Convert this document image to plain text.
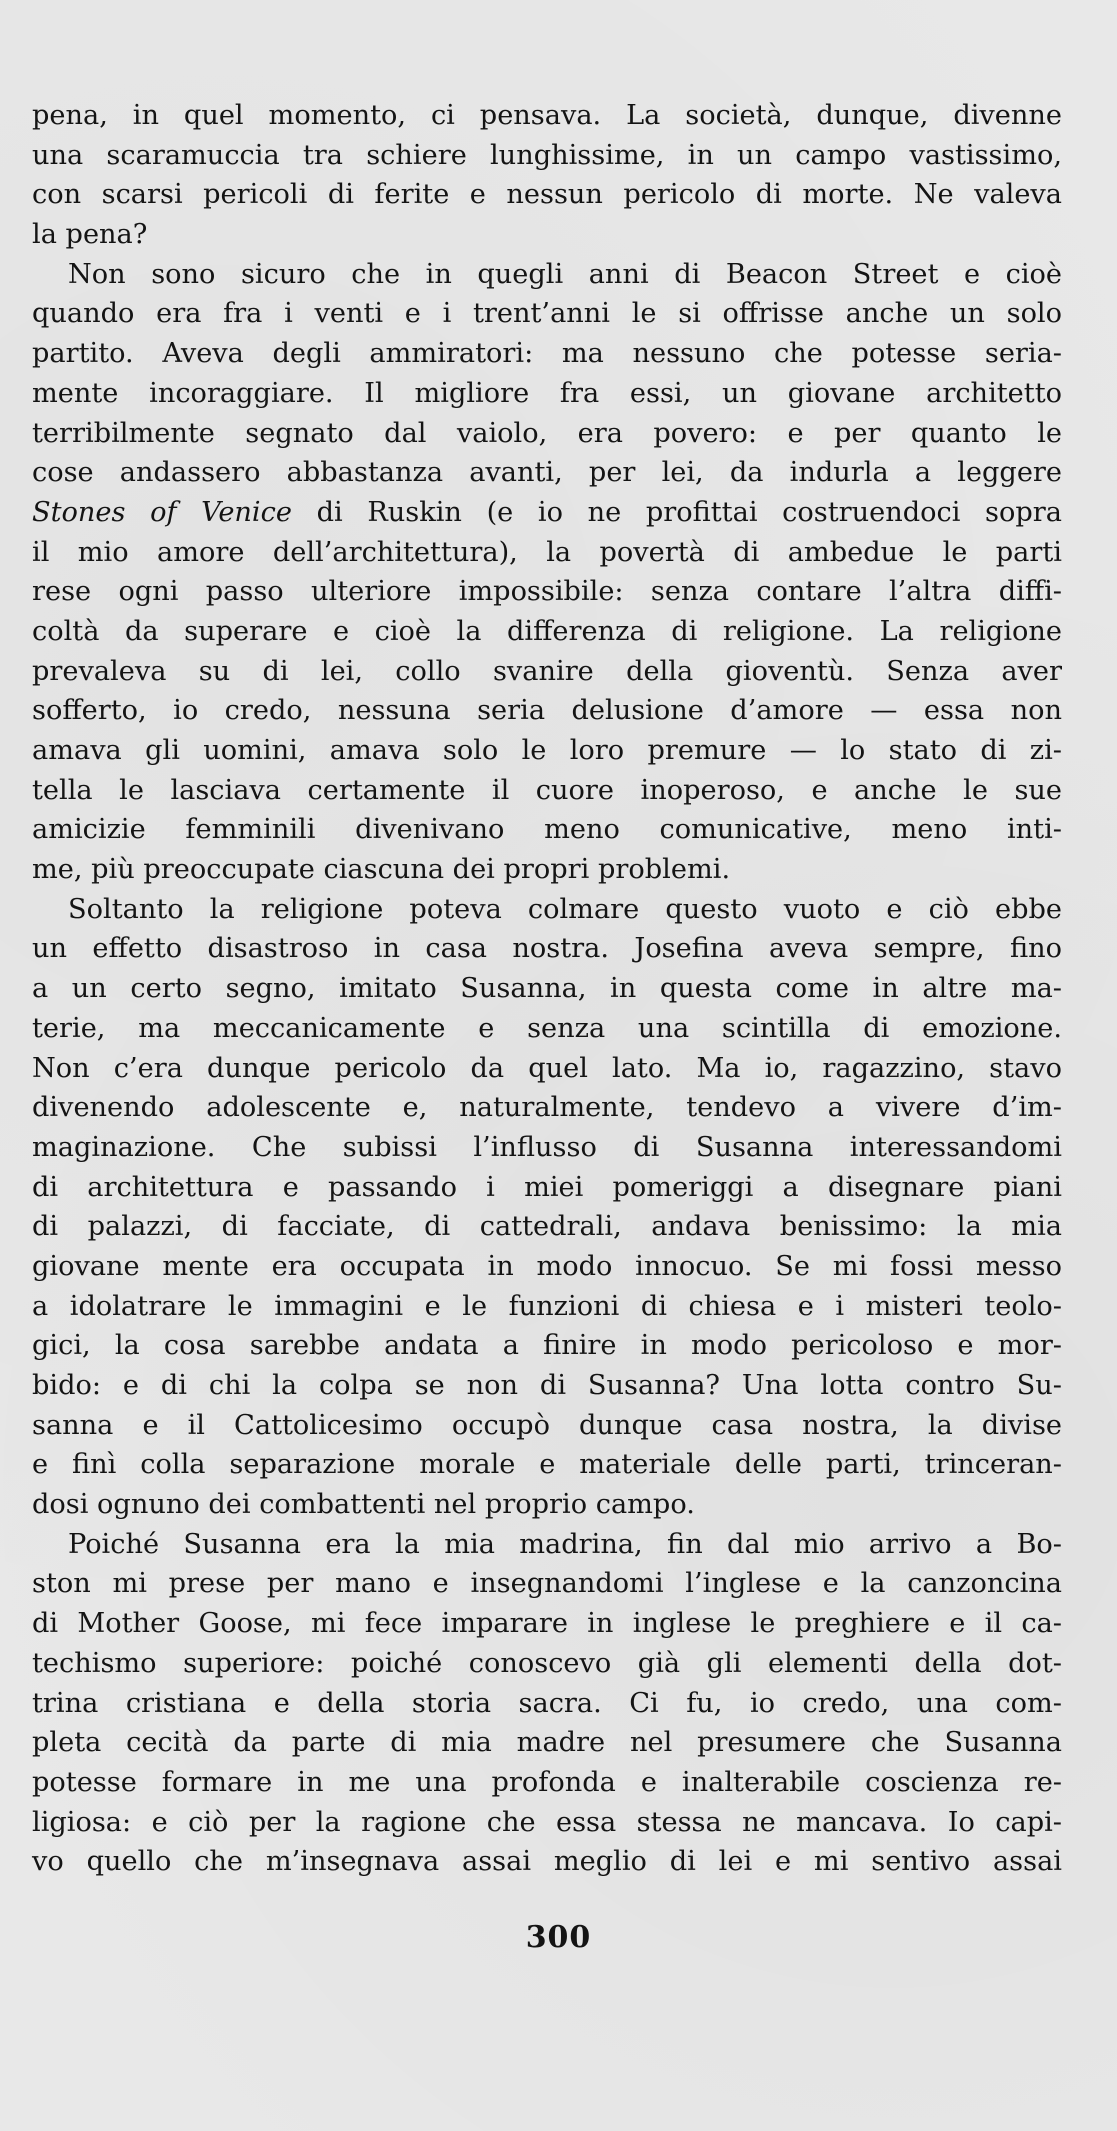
pena, in quel momento, ci pensava. La società, dunque, divenne
una scaramuccia tra schiere lunghissime, in un campo vastissimo,
con scarsi pericoli di ferite e nessun pericolo di morte. Ne valeva
la pena?
Non sono sicuro che in quegli anni di Beacon Street e cioè
quando era fra i venti e i trent’anni le si offrisse anche un solo
partito. Aveva degli ammiratori: ma nessuno che potesse seria-
mente incoraggiare. Il migliore fra essi, un giovane architetto
terribilmente segnato dal vaiolo, era povero: e per quanto le
cose andassero abbastanza avanti, per lei, da indurla a leggere
Stones of Venice di Ruskin (e io ne profittai costruendoci sopra
il mio amore dell’architettura), la povertà di ambedue le parti
rese ogni passo ulteriore impossibile: senza contare l’altra diffi-
coltà da superare e cioè la differenza di religione. La religione
prevaleva su di lei, collo svanire della gioventù. Senza aver
sofferto, io credo, nessuna seria delusione d’amore — essa non
amava gli uomini, amava solo le loro premure — lo stato di zi-
tella le lasciava certamente il cuore inoperoso, e anche le sue
amicizie femminili divenivano meno comunicative, meno inti-
me, più preoccupate ciascuna dei propri problemi.
Soltanto la religione poteva colmare questo vuoto e ciò ebbe
un effetto disastroso in casa nostra. Josefina aveva sempre, fino
a un certo segno, imitato Susanna, in questa come in altre ma-
terie, ma meccanicamente e senza una scintilla di emozione.
Non c’era dunque pericolo da quel lato. Ma io, ragazzino, stavo
divenendo adolescente e, naturalmente, tendevo a vivere d’im-
maginazione. Che subissi l’influsso di Susanna interessandomi
di architettura e passando i miei pomeriggi a disegnare piani
di palazzi, di facciate, di cattedrali, andava benissimo: la mia
giovane mente era occupata in modo innocuo. Se mi fossi messo
a idolatrare le immagini e le funzioni di chiesa e i misteri teolo-
gici, la cosa sarebbe andata a finire in modo pericoloso e mor-
bido: e di chi la colpa se non di Susanna? Una lotta contro Su-
sanna e il Cattolicesimo occupò dunque casa nostra, la divise
e finì colla separazione morale e materiale delle parti, trinceran-
dosi ognuno dei combattenti nel proprio campo.
Poiché Susanna era la mia madrina, fin dal mio arrivo a Bo-
ston mi prese per mano e insegnandomi l’inglese e la canzoncina
di Mother Goose, mi fece imparare in inglese le preghiere e il ca-
techismo superiore: poiché conoscevo già gli elementi della dot-
trina cristiana e della storia sacra. Ci fu, io credo, una com-
pleta cecità da parte di mia madre nel presumere che Susanna
potesse formare in me una profonda e inalterabile coscienza re-
ligiosa: e ciò per la ragione che essa stessa ne mancava. Io capi-
vo quello che m’insegnava assai meglio di lei e mi sentivo assai
300
